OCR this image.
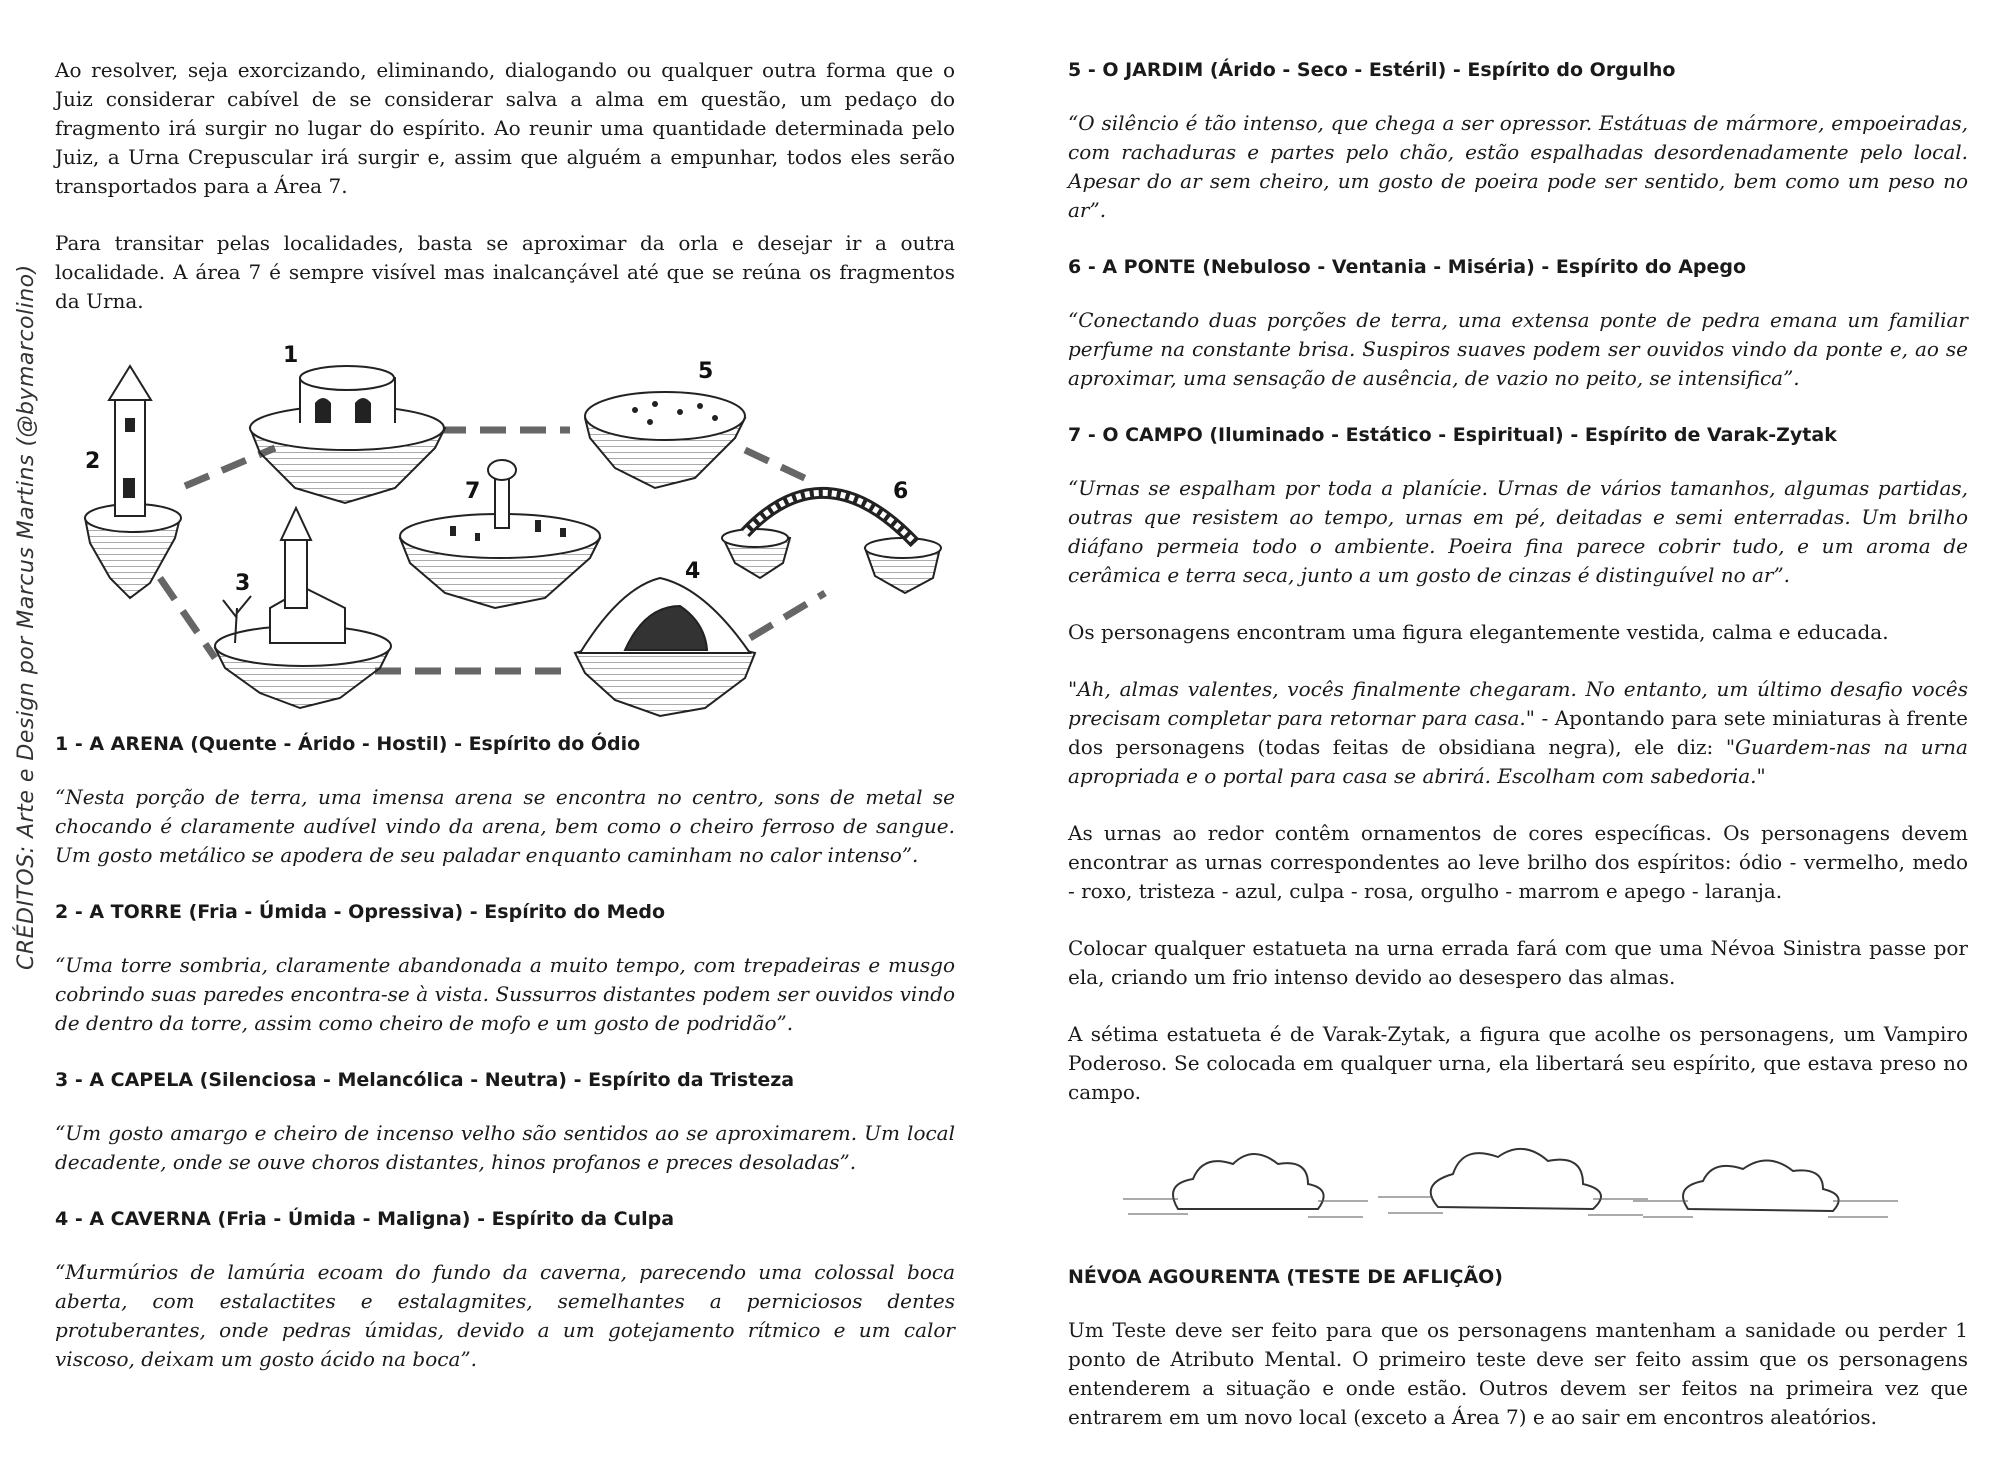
CRÉDITOS: Arte e Design por Marcus Martins (@bymarcolino)

Ao resolver, seja exorcizando, eliminando, dialogando ou qualquer outra forma que o Juiz considerar cabível de se considerar salva a alma em questão, um pedaço do fragmento irá surgir no lugar do espírito. Ao reunir uma quantidade determinada pelo Juiz, a Urna Crepuscular irá surgir e, assim que alguém a empunhar, todos eles serão transportados para a Área 7.

Para transitar pelas localidades, basta se aproximar da orla e desejar ir a outra localidade. A área 7 é sempre visível mas inalcançável até que se reúna os fragmentos da Urna.

1
2
3	4
5
6
7

1 - A ARENA (Quente - Árido - Hostil) - Espírito do Ódio

“Nesta porção de terra, uma imensa arena se encontra no centro, sons de metal se chocando é claramente audível vindo da arena, bem como o cheiro ferroso de sangue. Um gosto metálico se apodera de seu paladar enquanto caminham no calor intenso”.

2 - A TORRE (Fria - Úmida - Opressiva) - Espírito do Medo

“Uma torre sombria, claramente abandonada a muito tempo, com trepadeiras e musgo cobrindo suas paredes encontra-se à vista. Sussurros distantes podem ser ouvidos vindo de dentro da torre, assim como cheiro de mofo e um gosto de podridão”.

3 - A CAPELA (Silenciosa - Melancólica - Neutra) - Espírito da Tristeza

“Um gosto amargo e cheiro de incenso velho são sentidos ao se aproximarem. Um local decadente, onde se ouve choros distantes, hinos profanos e preces desoladas”.

4 - A CAVERNA (Fria - Úmida - Maligna) - Espírito da Culpa

“Murmúrios de lamúria ecoam do fundo da caverna, parecendo uma colossal boca aberta, com estalactites e estalagmites, semelhantes a perniciosos dentes protuberantes, onde pedras úmidas, devido a um gotejamento rítmico e um calor viscoso, deixam um gosto ácido na boca”.

5 - O JARDIM (Árido - Seco - Estéril) - Espírito do Orgulho

“O silêncio é tão intenso, que chega a ser opressor. Estátuas de mármore, empoeiradas, com rachaduras e partes pelo chão, estão espalhadas desordenadamente pelo local. Apesar do ar sem cheiro, um gosto de poeira pode ser sentido, bem como um peso no ar”.

6 - A PONTE (Nebuloso - Ventania - Miséria) - Espírito do Apego

“Conectando duas porções de terra, uma extensa ponte de pedra emana um familiar perfume na constante brisa. Suspiros suaves podem ser ouvidos vindo da ponte e, ao se aproximar, uma sensação de ausência, de vazio no peito, se intensifica”.

7 - O CAMPO (Iluminado - Estático - Espiritual) - Espírito de Varak-Zytak

“Urnas se espalham por toda a planície. Urnas de vários tamanhos, algumas partidas, outras que resistem ao tempo, urnas em pé, deitadas e semi enterradas. Um brilho diáfano permeia todo o ambiente. Poeira fina parece cobrir tudo, e um aroma de cerâmica e terra seca, junto a um gosto de cinzas é distinguível no ar”.

Os personagens encontram uma figura elegantemente vestida, calma e educada.

"Ah, almas valentes, vocês finalmente chegaram. No entanto, um último desafio vocês precisam completar para retornar para casa." - Apontando para sete miniaturas à frente dos personagens (todas feitas de obsidiana negra), ele diz: "Guardem-nas na urna apropriada e o portal para casa se abrirá. Escolham com sabedoria."

As urnas ao redor contêm ornamentos de cores específicas. Os personagens devem encontrar as urnas correspondentes ao leve brilho dos espíritos: ódio - vermelho, medo - roxo, tristeza - azul, culpa - rosa, orgulho - marrom e apego - laranja.

Colocar qualquer estatueta na urna errada fará com que uma Névoa Sinistra passe por ela, criando um frio intenso devido ao desespero das almas.

A sétima estatueta é de Varak-Zytak, a figura que acolhe os personagens, um Vampiro Poderoso. Se colocada em qualquer urna, ela libertará seu espírito, que estava preso no campo.

NÉVOA AGOURENTA (TESTE DE AFLIÇÃO)

Um Teste deve ser feito para que os personagens mantenham a sanidade ou perder 1 ponto de Atributo Mental. O primeiro teste deve ser feito assim que os personagens entenderem a situação e onde estão. Outros devem ser feitos na primeira vez que entrarem em um novo local (exceto a Área 7) e ao sair em encontros aleatórios.
